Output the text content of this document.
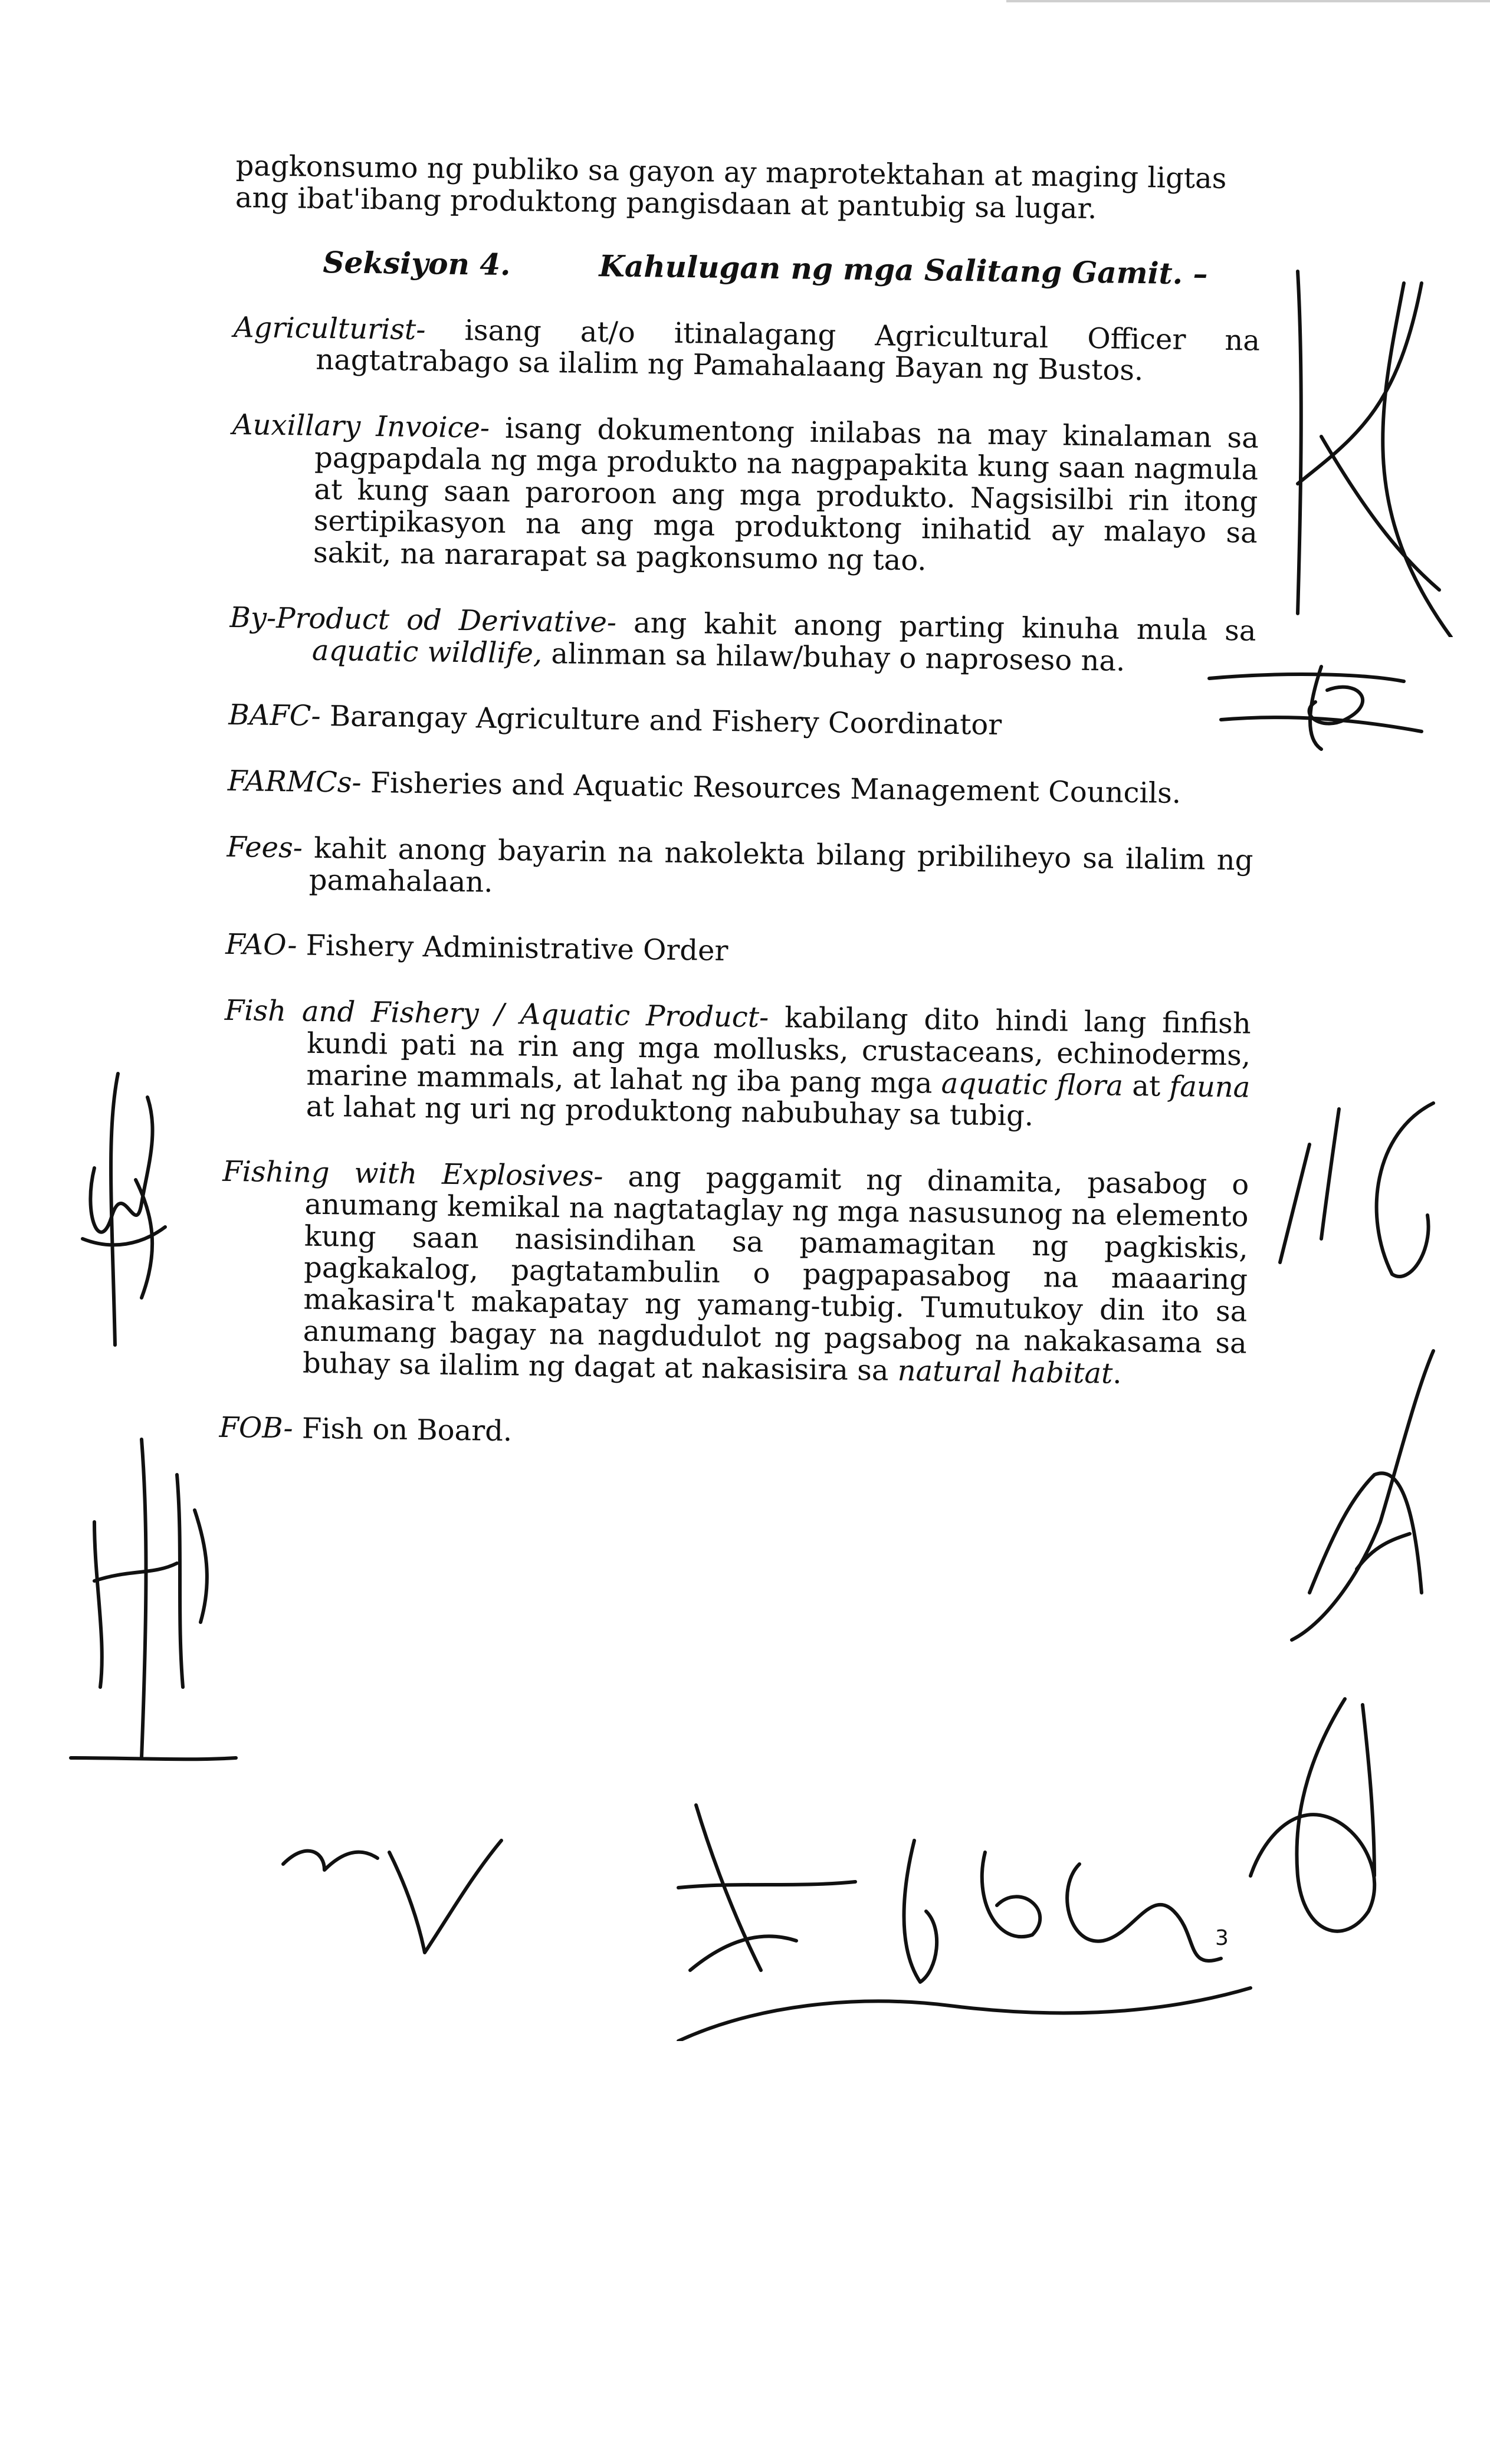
pagkonsumo ng publiko sa gayon ay maprotektahan at maging ligtas ang ibat'ibang produktong pangisdaan at pantubig sa lugar.

Seksiyon 4.	Kahulugan ng mga Salitang Gamit. –

Agriculturist- isang at/o itinalagang Agricultural Officer na nagtatrabago sa ilalim ng Pamahalaang Bayan ng Bustos.

Auxillary Invoice- isang dokumentong inilabas na may kinalaman sa pagpapdala ng mga produkto na nagpapakita kung saan nagmula at kung saan paroroon ang mga produkto. Nagsisilbi rin itong sertipikasyon na ang mga produktong inihatid ay malayo sa sakit, na nararapat sa pagkonsumo ng tao.

By-Product od Derivative- ang kahit anong parting kinuha mula sa aquatic wildlife, alinman sa hilaw/buhay o naproseso na.

BAFC- Barangay Agriculture and Fishery Coordinator

FARMCs- Fisheries and Aquatic Resources Management Councils.

Fees- kahit anong bayarin na nakolekta bilang pribiliheyo sa ilalim ng pamahalaan.

FAO- Fishery Administrative Order

Fish and Fishery / Aquatic Product- kabilang dito hindi lang finfish kundi pati na rin ang mga mollusks, crustaceans, echinoderms, marine mammals, at lahat ng iba pang mga aquatic flora at fauna at lahat ng uri ng produktong nabubuhay sa tubig.

Fishing with Explosives- ang paggamit ng dinamita, pasabog o anumang kemikal na nagtataglay ng mga nasusunog na elemento kung saan nasisindihan sa pamamagitan ng pagkiskis, pagkakalog, pagtatambulin o pagpapasabog na maaaring makasira't makapatay ng yamang-tubig. Tumutukoy din ito sa anumang bagay na nagdudulot ng pagsabog na nakakasama sa buhay sa ilalim ng dagat at nakasisira sa natural habitat.

FOB- Fish on Board.

3
